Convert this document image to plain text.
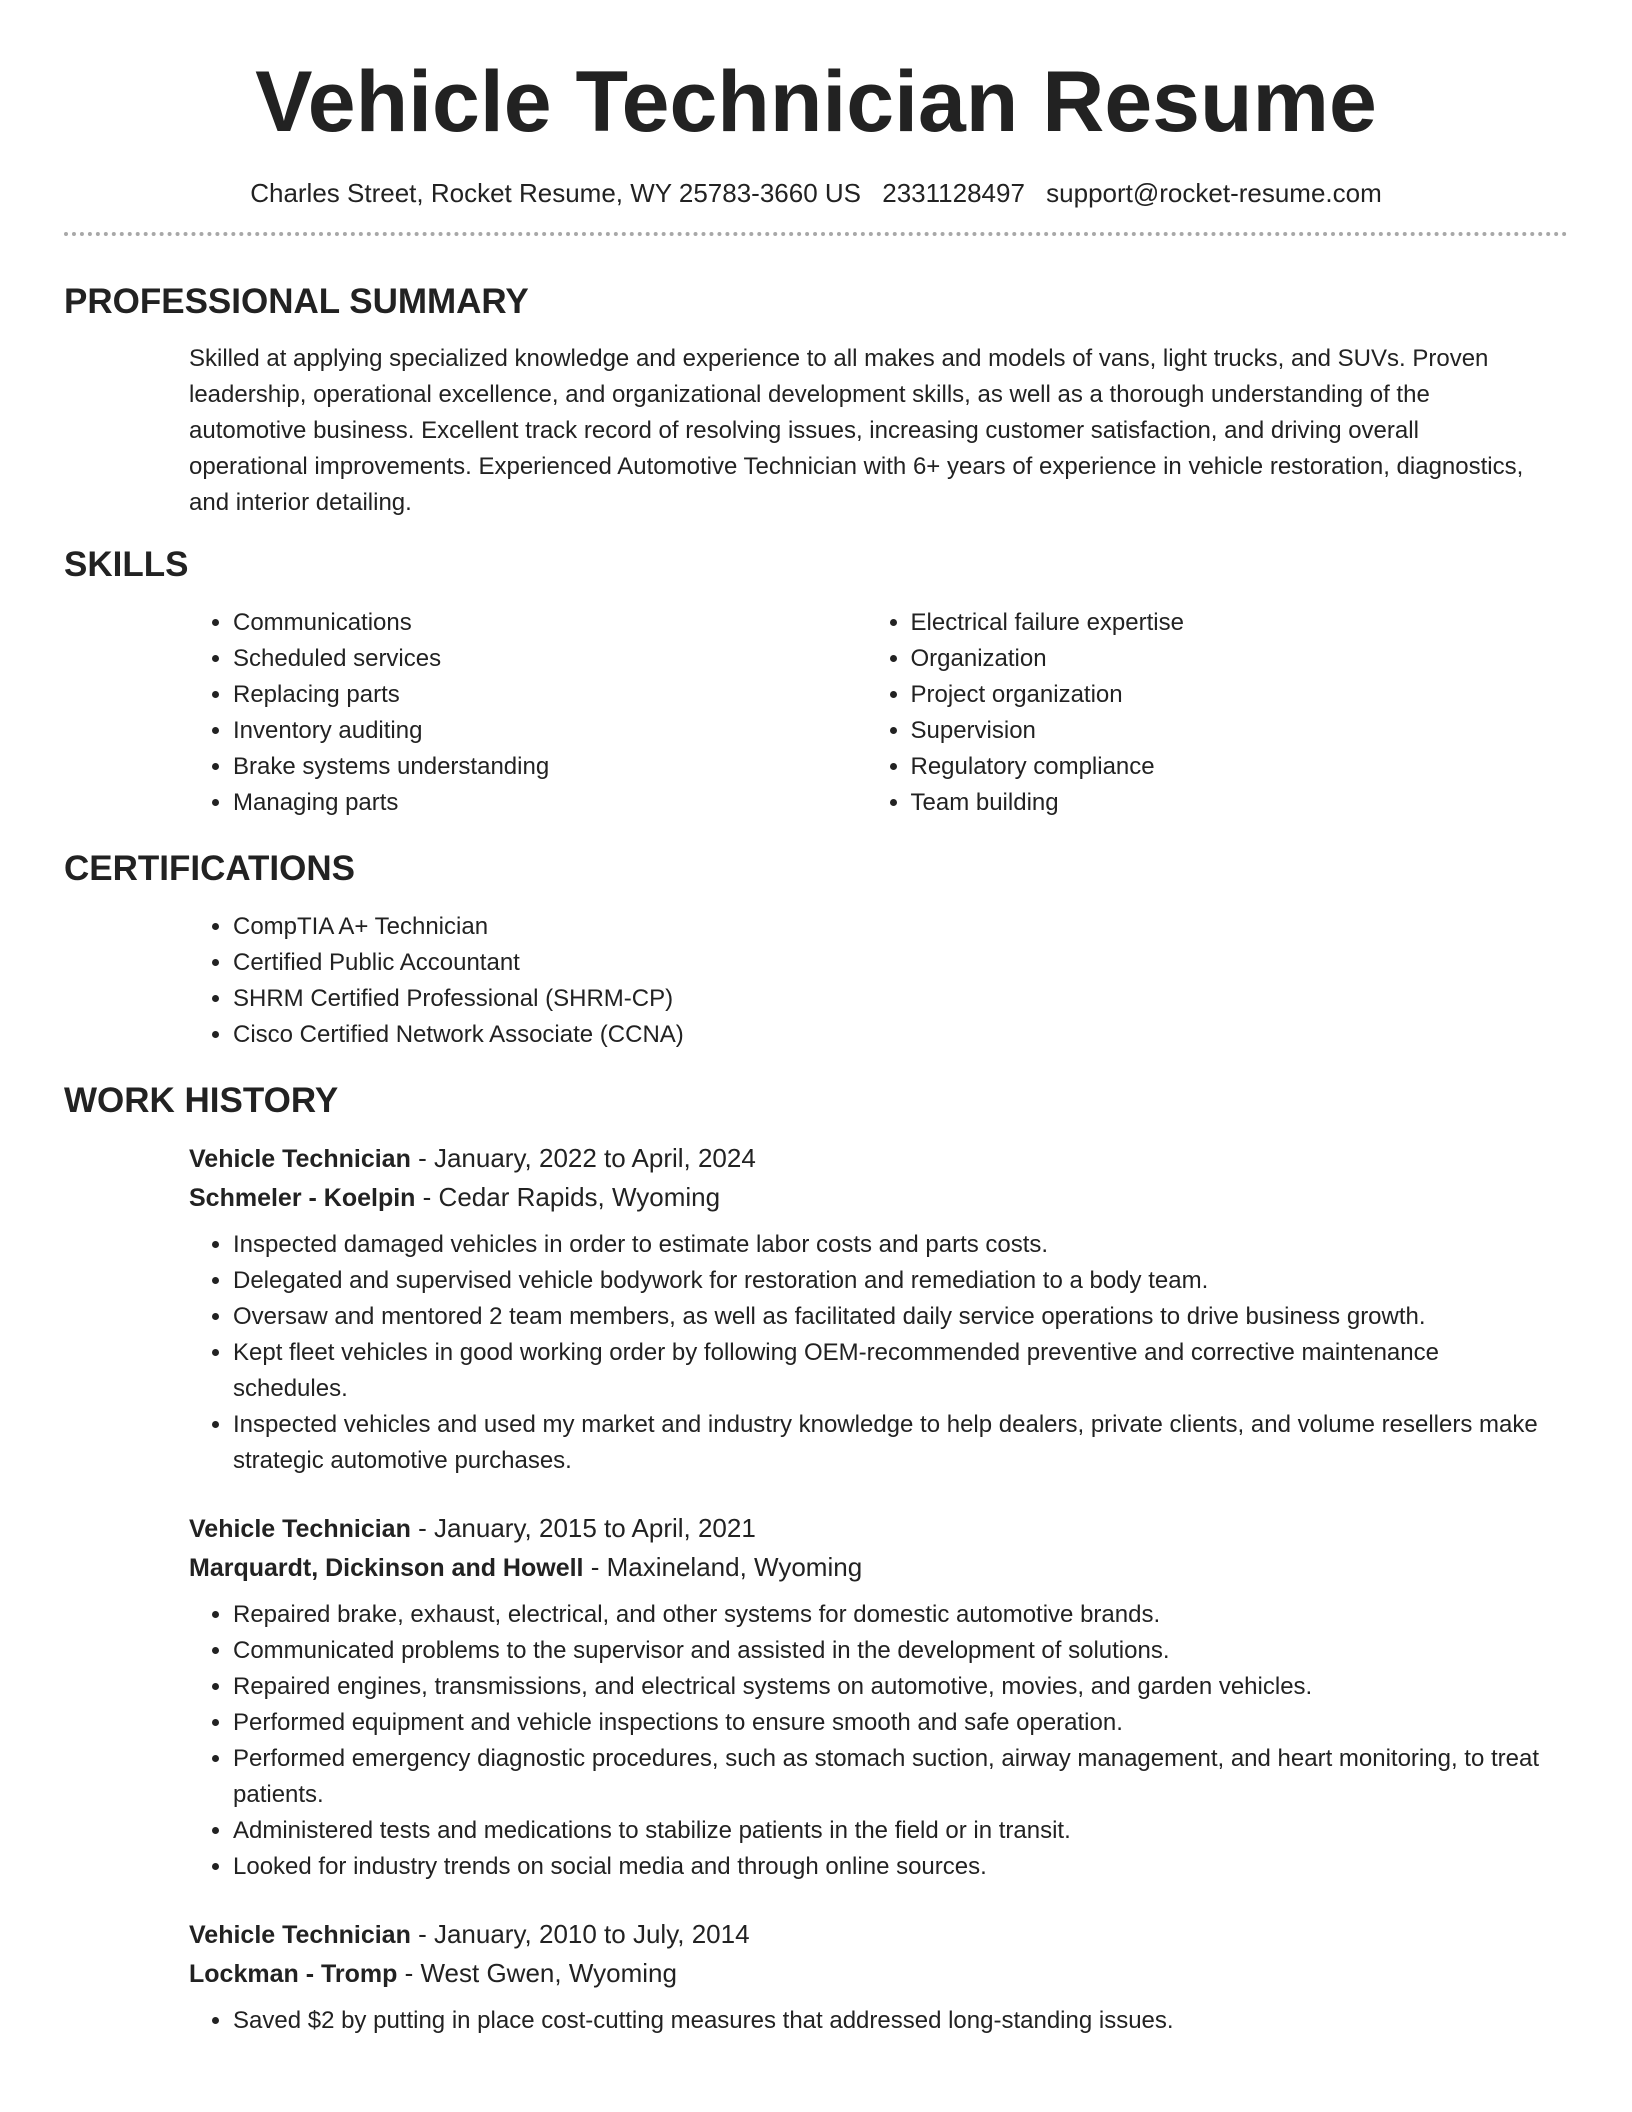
Vehicle Technician Resume
Charles Street, Rocket Resume, WY 25783-3660 US 2331128497 support@rocket-resume.com
PROFESSIONAL SUMMARY

Skilled at applying specialized knowledge and experience to all makes and models of vans, light trucks, and SUVs. Proven leadership, operational excellence, and organizational development skills, as well as a thorough understanding of the automotive business. Excellent track record of resolving issues, increasing customer satisfaction, and driving overall operational improvements. Experienced Automotive Technician with 6+ years of experience in vehicle restoration, diagnostics, and interior detailing.

SKILLS
• Communications
• Scheduled services
• Replacing parts
• Inventory auditing
• Brake systems understanding
• Managing parts
• Electrical failure expertise
• Organization
• Project organization
• Supervision
• Regulatory compliance
• Team building
CERTIFICATIONS
• CompTIA A+ Technician
• Certified Public Accountant
• SHRM Certified Professional (SHRM-CP)
• Cisco Certified Network Associate (CCNA)
WORK HISTORY
Vehicle Technician - January, 2022 to April, 2024
Schmeler - Koelpin - Cedar Rapids, Wyoming
• Inspected damaged vehicles in order to estimate labor costs and parts costs.
• Delegated and supervised vehicle bodywork for restoration and remediation to a body team.
• Oversaw and mentored 2 team members, as well as facilitated daily service operations to drive business growth.
• Kept fleet vehicles in good working order by following OEM-recommended preventive and corrective maintenance schedules.
• Inspected vehicles and used my market and industry knowledge to help dealers, private clients, and volume resellers make strategic automotive purchases.
Vehicle Technician - January, 2015 to April, 2021
Marquardt, Dickinson and Howell - Maxineland, Wyoming
• Repaired brake, exhaust, electrical, and other systems for domestic automotive brands.
• Communicated problems to the supervisor and assisted in the development of solutions.
• Repaired engines, transmissions, and electrical systems on automotive, movies, and garden vehicles.
• Performed equipment and vehicle inspections to ensure smooth and safe operation.
• Performed emergency diagnostic procedures, such as stomach suction, airway management, and heart monitoring, to treat patients.
• Administered tests and medications to stabilize patients in the field or in transit.
• Looked for industry trends on social media and through online sources.
Vehicle Technician - January, 2010 to July, 2014
Lockman - Tromp - West Gwen, Wyoming
• Saved $2 by putting in place cost-cutting measures that addressed long-standing issues.
